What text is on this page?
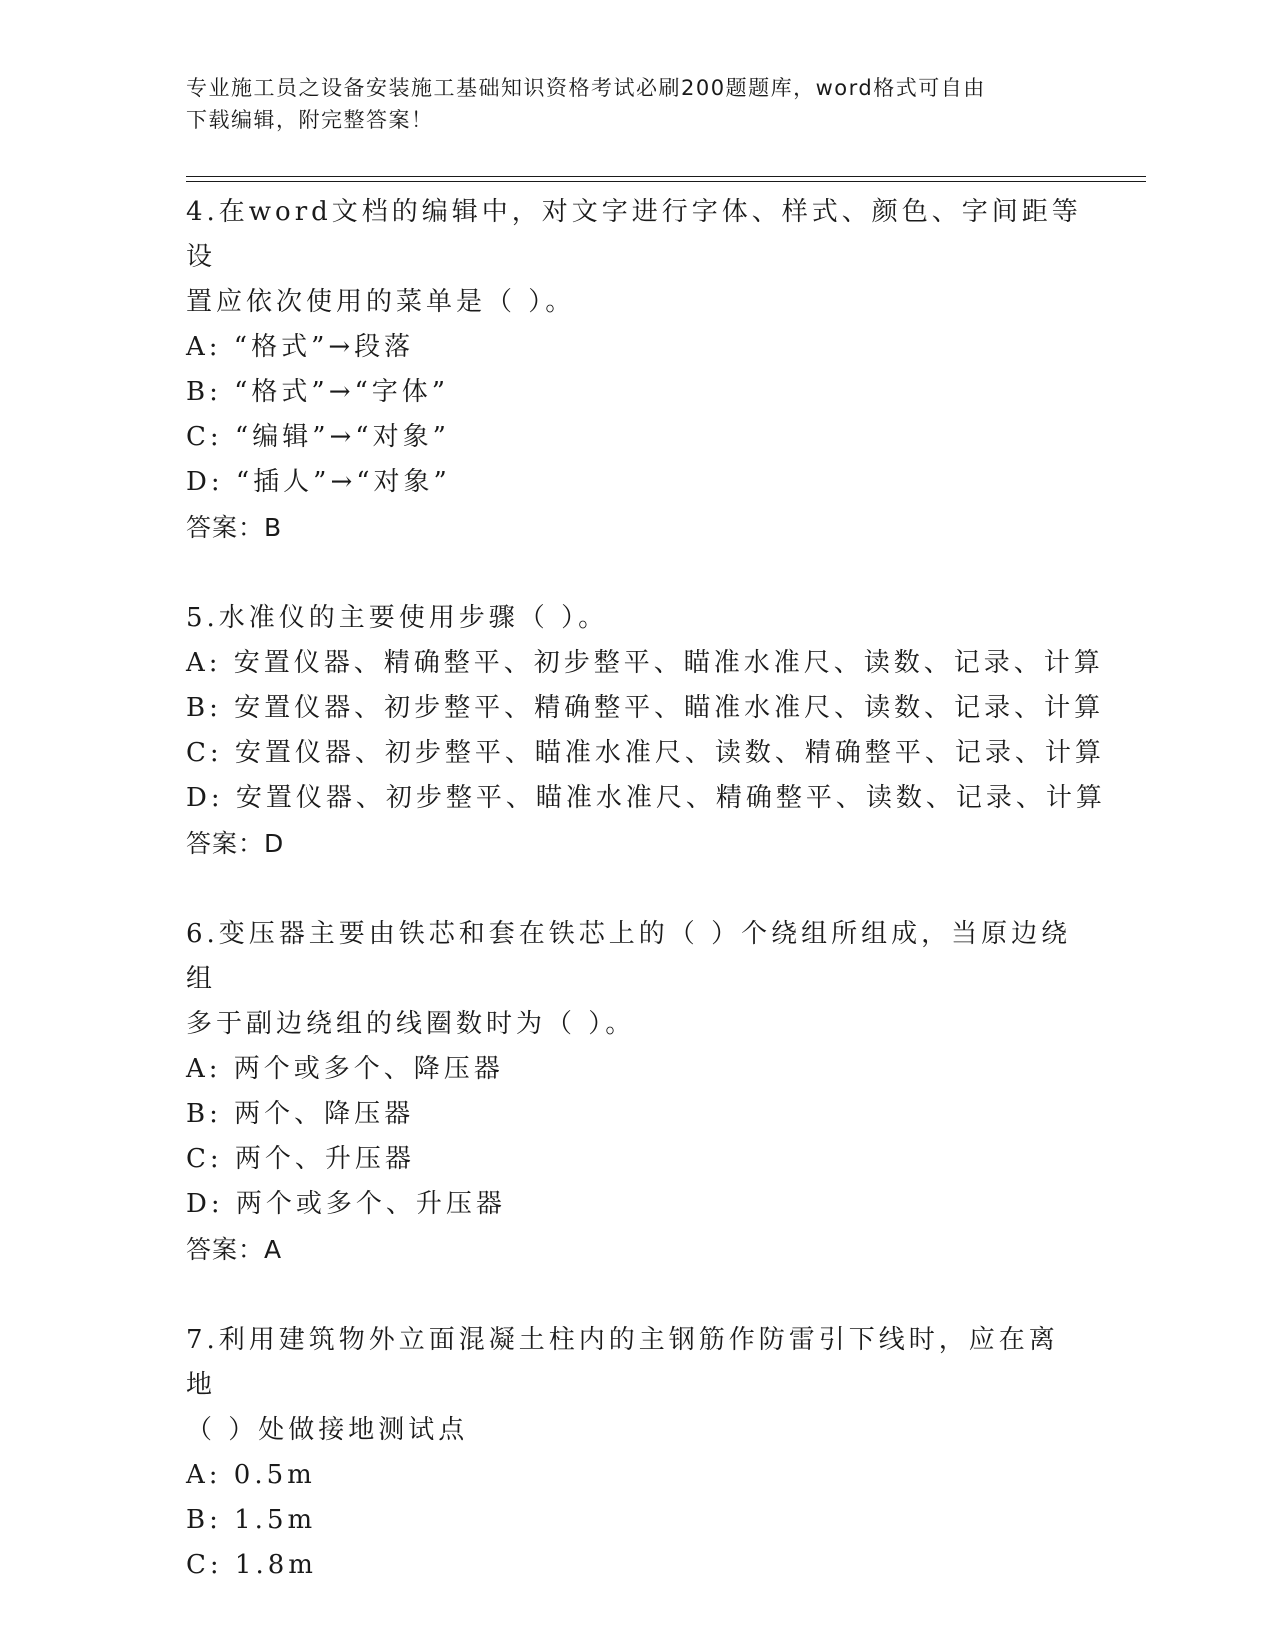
专业施工员之设备安装施工基础知识资格考试必刷200题题库，word格式可自由
下载编辑，附完整答案！
4.在word文档的编辑中，对文字进行字体、样式、颜色、字间距等设
置应依次使用的菜单是（ ）。
A: “格式”→段落
B: “格式”→“字体”
C: “编辑”→“对象”
D: “插人”→“对象”
答案：B
5.水准仪的主要使用步骤（ ）。
A: 安置仪器、精确整平、初步整平、瞄准水准尺、读数、记录、计算
B: 安置仪器、初步整平、精确整平、瞄准水准尺、读数、记录、计算
C: 安置仪器、初步整平、瞄准水准尺、读数、精确整平、记录、计算
D: 安置仪器、初步整平、瞄准水准尺、精确整平、读数、记录、计算
答案：D
6.变压器主要由铁芯和套在铁芯上的（ ）个绕组所组成，当原边绕组
多于副边绕组的线圈数时为（ ）。
A: 两个或多个、降压器
B: 两个、降压器
C: 两个、升压器
D: 两个或多个、升压器
答案：A
7.利用建筑物外立面混凝土柱内的主钢筋作防雷引下线时，应在离地
（ ）处做接地测试点
A: 0.5m
B: 1.5m
C: 1.8m
